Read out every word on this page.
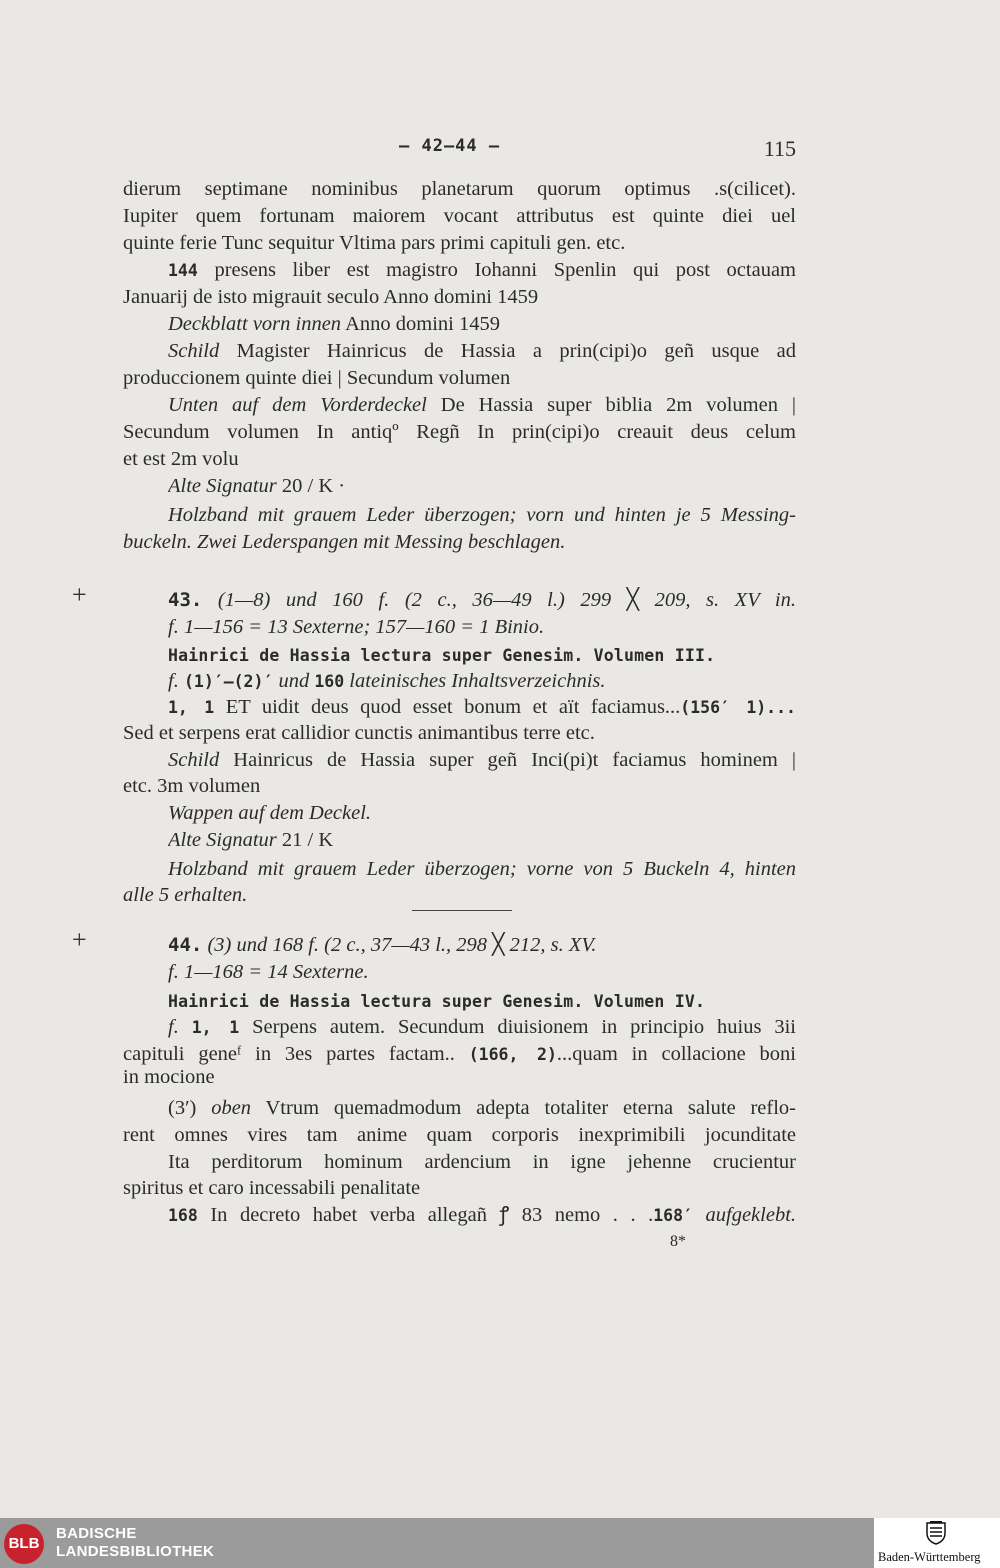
— 42—44 —	115
dierum septimane nominibus planetarum quorum optimus .s(cilicet).
Iupiter quem fortunam maiorem vocant attributus est quinte diei uel
quinte ferie Tunc sequitur Vltima pars primi capituli gen. etc.
144 presens liber est magistro Iohanni Spenlin qui post octauam
Januarij de isto migrauit seculo Anno domini 1459
Deckblatt vorn innen Anno domini 1459
Schild Magister Hainricus de Hassia a prin(cipi)o geñ usque ad
produccionem quinte diei | Secundum volumen
Unten auf dem Vorderdeckel De Hassia super biblia 2m volumen |
Secundum volumen In antiqº Regñ In prin(cipi)o creauit deus celum
et est 2m volu
Alte Signatur 20 / K ·
Holzband mit grauem Leder überzogen; vorn und hinten je 5 Messing-
buckeln. Zwei Lederspangen mit Messing beschlagen.
+	43. (1—8) und 160 f. (2 c., 36—49 l.) 299 ╳ 209, s. XV in.
f. 1—156 = 13 Sexterne; 157—160 = 1 Binio.
Hainrici de Hassia lectura super Genesim. Volumen III.
f. (1)′—(2)′ und 160 lateinisches Inhaltsverzeichnis.
1, 1 ET uidit deus quod esset bonum et aït faciamus...(156′ 1)...
Sed et serpens erat callidior cunctis animantibus terre etc.
Schild Hainricus de Hassia super geñ Inci(pi)t faciamus hominem |
etc. 3m volumen
Wappen auf dem Deckel.
Alte Signatur 21 / K
Holzband mit grauem Leder überzogen; vorne von 5 Buckeln 4, hinten
alle 5 erhalten.
+	44. (3) und 168 f. (2 c., 37—43 l., 298 ╳ 212, s. XV.
f. 1—168 = 14 Sexterne.
Hainrici de Hassia lectura super Genesim. Volumen IV.
f. 1, 1 Serpens autem. Secundum diuisionem in principio huius 3ii
capituli geneᶠ in 3es partes factam.. (166, 2)...quam in collacione boni
in mocione
(3′) oben Vtrum quemadmodum adepta totaliter eterna salute reflo-
rent omnes vires tam anime quam corporis inexprimibili jocunditate
Ita perditorum hominum ardencium in igne jehenne crucientur
spiritus et caro incessabili penalitate
168 In decreto habet verba allegañ ꝭ 83 nemo . . .168′ aufgeklebt.
8*
BLB
BADISCHE
LANDESBIBLIOTHEK	Baden-Württemberg
